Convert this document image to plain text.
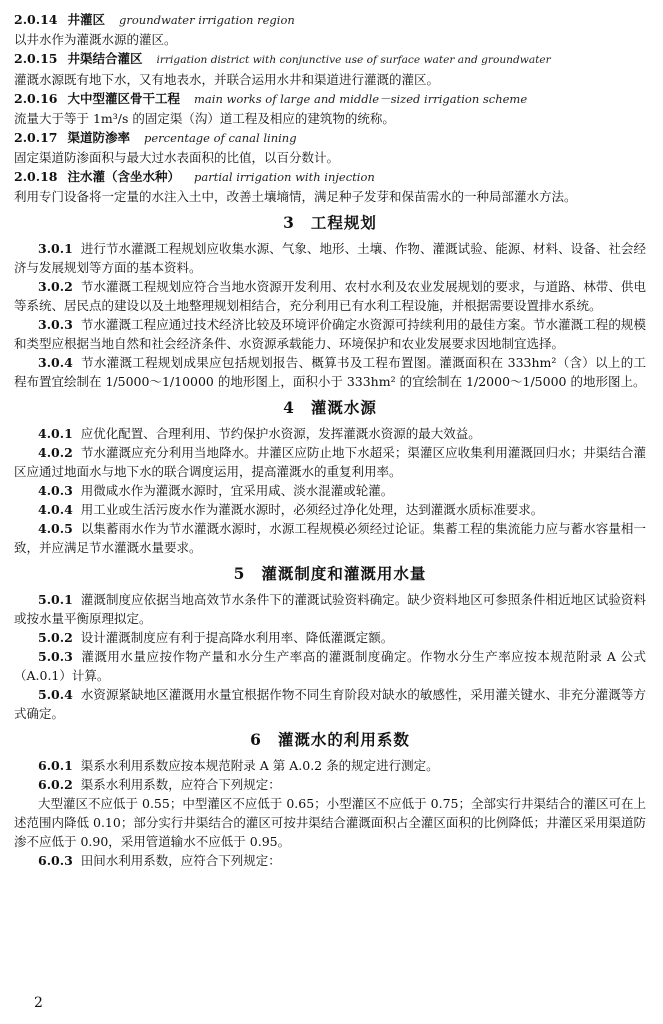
2.0.14 井灌区 groundwater irrigation region

以井水作为灌溉水源的灌区。

2.0.15 井渠结合灌区 irrigation district with conjunctive use of surface water and groundwater

灌溉水源既有地下水，又有地表水，并联合运用水井和渠道进行灌溉的灌区。

2.0.16 大中型灌区骨干工程 main works of large and middle－sized irrigation scheme

流量大于等于 1m³/s 的固定渠（沟）道工程及相应的建筑物的统称。

2.0.17 渠道防渗率 percentage of canal lining

固定渠道防渗面积与最大过水表面积的比值，以百分数计。

2.0.18 注水灌（含坐水种） partial irrigation with injection

利用专门设备将一定量的水注入土中，改善土壤墒情，满足种子发芽和保苗需水的一种局部灌水方法。

3 工程规划

3.0.1 进行节水灌溉工程规划应收集水源、气象、地形、土壤、作物、灌溉试验、能源、材料、设备、社会经济与发展规划等方面的基本资料。

3.0.2 节水灌溉工程规划应符合当地水资源开发利用、农村水利及农业发展规划的要求，与道路、林带、供电等系统、居民点的建设以及土地整理规划相结合，充分利用已有水利工程设施，并根据需要设置排水系统。

3.0.3 节水灌溉工程应通过技术经济比较及环境评价确定水资源可持续利用的最佳方案。节水灌溉工程的规模和类型应根据当地自然和社会经济条件、水资源承载能力、环境保护和农业发展要求因地制宜选择。

3.0.4 节水灌溉工程规划成果应包括规划报告、概算书及工程布置图。灌溉面积在 333hm²（含）以上的工程布置宜绘制在 1/5000～1/10000 的地形图上，面积小于 333hm² 的宜绘制在 1/2000～1/5000 的地形图上。

4 灌溉水源

4.0.1 应优化配置、合理利用、节约保护水资源，发挥灌溉水资源的最大效益。

4.0.2 节水灌溉应充分利用当地降水。井灌区应防止地下水超采；渠灌区应收集利用灌溉回归水；井渠结合灌区应通过地面水与地下水的联合调度运用，提高灌溉水的重复利用率。

4.0.3 用微咸水作为灌溉水源时，宜采用咸、淡水混灌或轮灌。

4.0.4 用工业或生活污废水作为灌溉水源时，必须经过净化处理，达到灌溉水质标准要求。

4.0.5 以集蓄雨水作为节水灌溉水源时，水源工程规模必须经过论证。集蓄工程的集流能力应与蓄水容量相一致，并应满足节水灌溉水量要求。

5 灌溉制度和灌溉用水量

5.0.1 灌溉制度应依据当地高效节水条件下的灌溉试验资料确定。缺少资料地区可参照条件相近地区试验资料或按水量平衡原理拟定。

5.0.2 设计灌溉制度应有利于提高降水利用率、降低灌溉定额。

5.0.3 灌溉用水量应按作物产量和水分生产率高的灌溉制度确定。作物水分生产率应按本规范附录 A 公式（A.0.1）计算。

5.0.4 水资源紧缺地区灌溉用水量宜根据作物不同生育阶段对缺水的敏感性，采用灌关键水、非充分灌溉等方式确定。

6 灌溉水的利用系数

6.0.1 渠系水利用系数应按本规范附录 A 第 A.0.2 条的规定进行测定。

6.0.2 渠系水利用系数，应符合下列规定：

大型灌区不应低于 0.55；中型灌区不应低于 0.65；小型灌区不应低于 0.75；全部实行井渠结合的灌区可在上述范围内降低 0.10；部分实行井渠结合的灌区可按井渠结合灌溉面积占全灌区面积的比例降低；井灌区采用渠道防渗不应低于 0.90，采用管道输水不应低于 0.95。

6.0.3 田间水利用系数，应符合下列规定：

2
